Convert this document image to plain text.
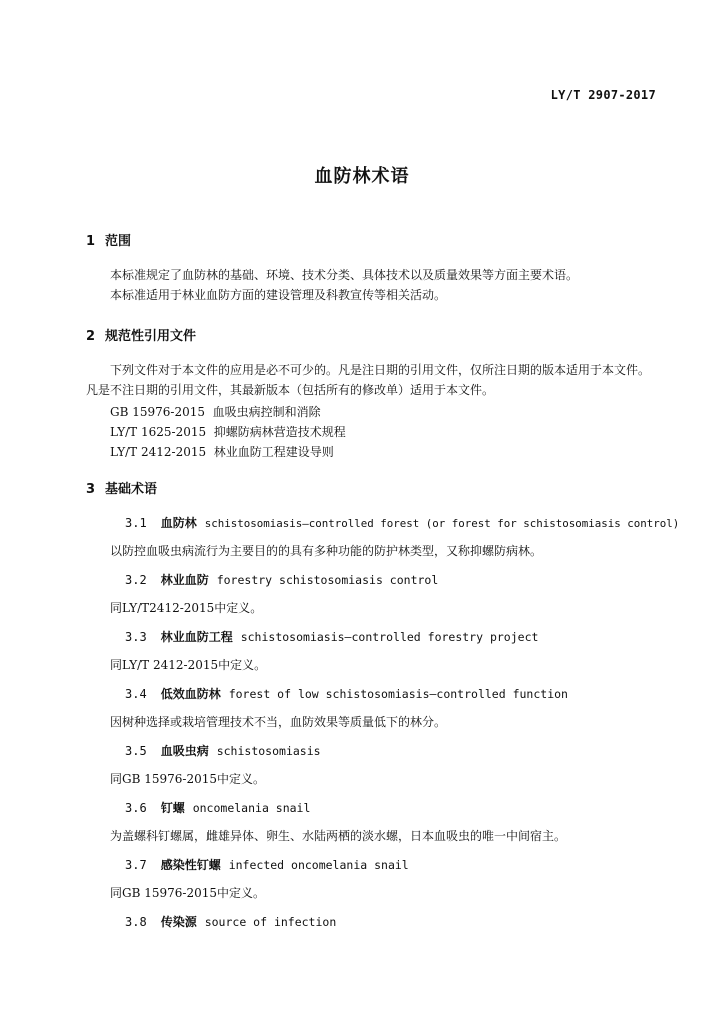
LY/T 2907-2017
血防林术语
1 范围
本标准规定了血防林的基础、环境、技术分类、具体技术以及质量效果等方面主要术语。
本标准适用于林业血防方面的建设管理及科教宣传等相关活动。
2 规范性引用文件
下列文件对于本文件的应用是必不可少的。凡是注日期的引用文件，仅所注日期的版本适用于本文件。凡是不注日期的引用文件，其最新版本（包括所有的修改单）适用于本文件。
GB 15976-2015  血吸虫病控制和消除
LY/T 1625-2015  抑螺防病林营造技术规程
LY/T 2412-2015  林业血防工程建设导则
3 基础术语
3.1 血防林 schistosomiasis—controlled forest (or forest for schistosomiasis control)
以防控血吸虫病流行为主要目的的具有多种功能的防护林类型，又称抑螺防病林。
3.2 林业血防 forestry schistosomiasis control
同LY/T2412-2015中定义。
3.3 林业血防工程 schistosomiasis—controlled forestry project
同LY/T 2412-2015中定义。
3.4 低效血防林 forest of low schistosomiasis—controlled function
因树种选择或栽培管理技术不当，血防效果等质量低下的林分。
3.5 血吸虫病 schistosomiasis
同GB 15976-2015中定义。
3.6 钉螺 oncomelania snail
为盖螺科钉螺属，雌雄异体、卵生、水陆两栖的淡水螺，日本血吸虫的唯一中间宿主。
3.7 感染性钉螺 infected oncomelania snail
同GB 15976-2015中定义。
3.8 传染源 source of infection
